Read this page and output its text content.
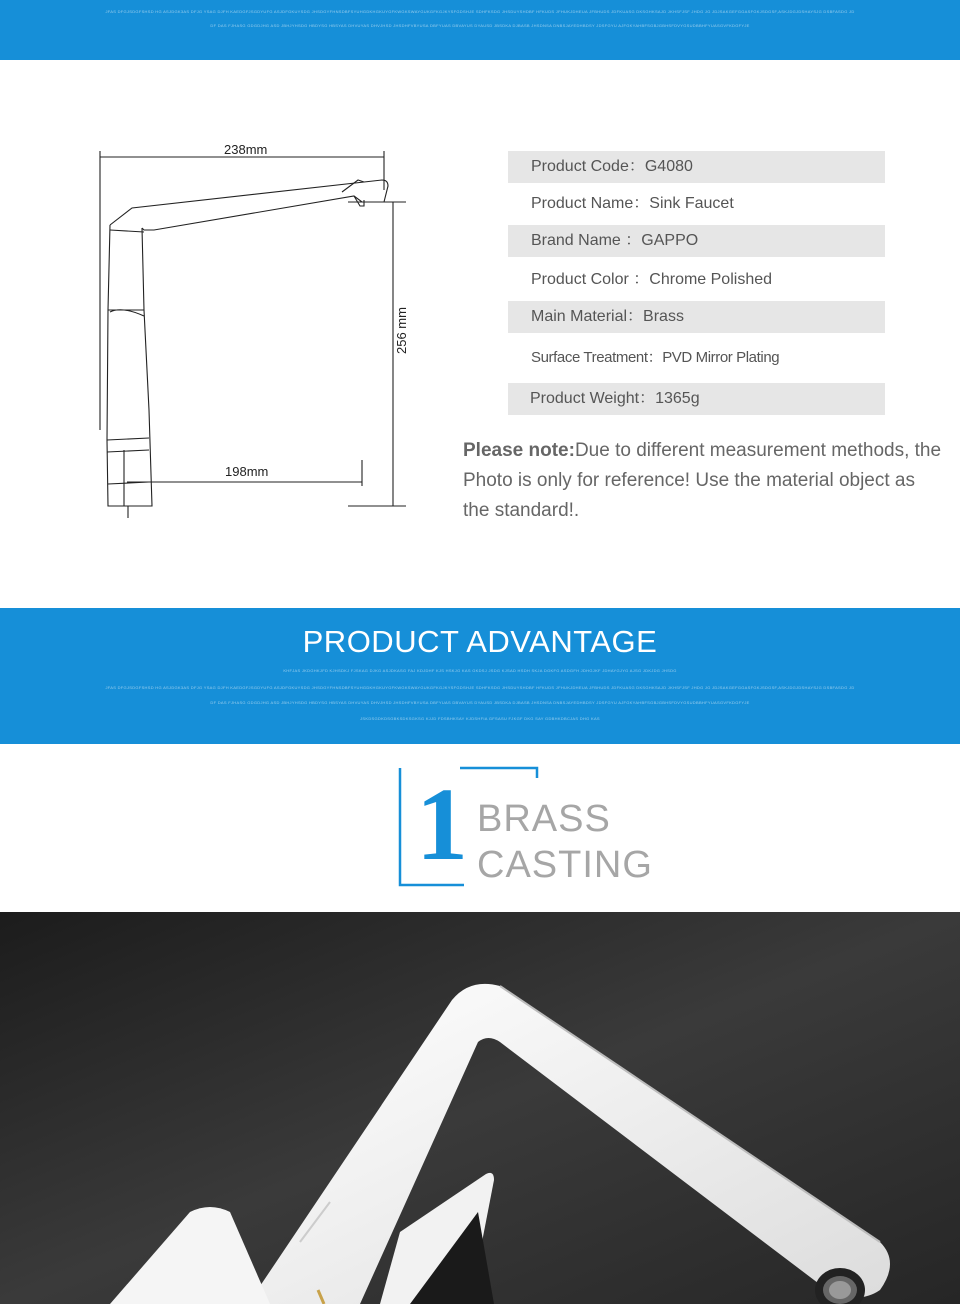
JFAS DFGJSDGFSHSD HG ASJDGK3AS DFJG YSAG DJFH KAEDGFJSGDYUFG ASJDFGKUYSDG JHSDGYFHNSDBFSYUHGDKHGKUYGFKWGKSWAYGUKGFKGJKYSFGDSHJE SDHFKSDG JHSDUYSHDBF HFKUDS JFHUKJDHEUA JFBHUDS JDFKUASG DKSGHKSAJD JKHSFJSF JHDG JG JDJSAKGEFGGASFGKJSDGSF,ASKJDGJDSHAYSJG DSBFASDG JD
DF DAS FJHASG GDGDJHG ASD JBHJYHSDG HBDYSG HBSYAS DHVUYAS DHVJHSD JHSDHFVBYUSA DBFYUAS DBVAYUS DYAUSD JBSDKA DJBASB JHSDNSA DNBSJAYEDHBDSY JDSFGYU AJFGKYAHBFSGBJGBHSFDVYGSUDBBHFYUASGVFKDGFYJE
238mm
198mm
256 mm
Product Code：G4080
Product Name：Sink Faucet
Brand Name ：GAPPO
Product Color ：Chrome Polished
Main Material：Brass
Surface Treatment：PVD Mirror Plating
Product Weight：1365g
Please note:Due to different measurement methods, the Photo is only for reference! Use the material object as the standard!.
PRODUCT ADVANTAGE
KHFJAS JKDGHKJFD KJHSDKJ FJSKAG DJKG ASJDKASG FAJ KDJDHF KJS HSKJG KAS GKDSJ JSDG KJSAD HSDH SKJA DGKFG ASDGFH JDHGJKF JDHAYGJYG AJSG JDKJDG JHSDG
JFAS DFGJSDGFSHSD HG ASJDGK3AS DFJG YSAG DJFH KAEDGFJSGDYUFG ASJDFGKUYSDG JHSDGYFHNSDBFSYUHGDKHGKUYGFKWGKSWAYGUKGFKGJKYSFGDSHJE SDHFKSDG JHSDUYSHDBF HFKUDS JFHUKJDHEUA JFBHUDS JDFKUASG DKSGHKSAJD JKHSFJSF JHDG JG JDJSAKGEFGGASFGKJSDGSF,ASKJDGJDSHAYSJG DSBFASDG JD
DF DAS FJHASG GDGDJHG ASD JBHJYHSDG HBDYSG HBSYAS DHVUYAS DHVJHSD JHSDHFVBYUSA DBFYUAS DBVAYUS DYAUSD JBSDKA DJBASB JHSDNSA DNBSJAYEDHBDSY JDSFGYU AJFGKYAHBFSGBJGBHSFDVYGSUDBBHFYUASGVFKDGFYJE
JSKDSGDKDSGBKSDKSGKSG KJJD FDSBHKSAY KJDSHFIA GFSASU FJKGF DKG SAY GDBHKDBCJAS DHG KAS
1 BRASS
CASTING
